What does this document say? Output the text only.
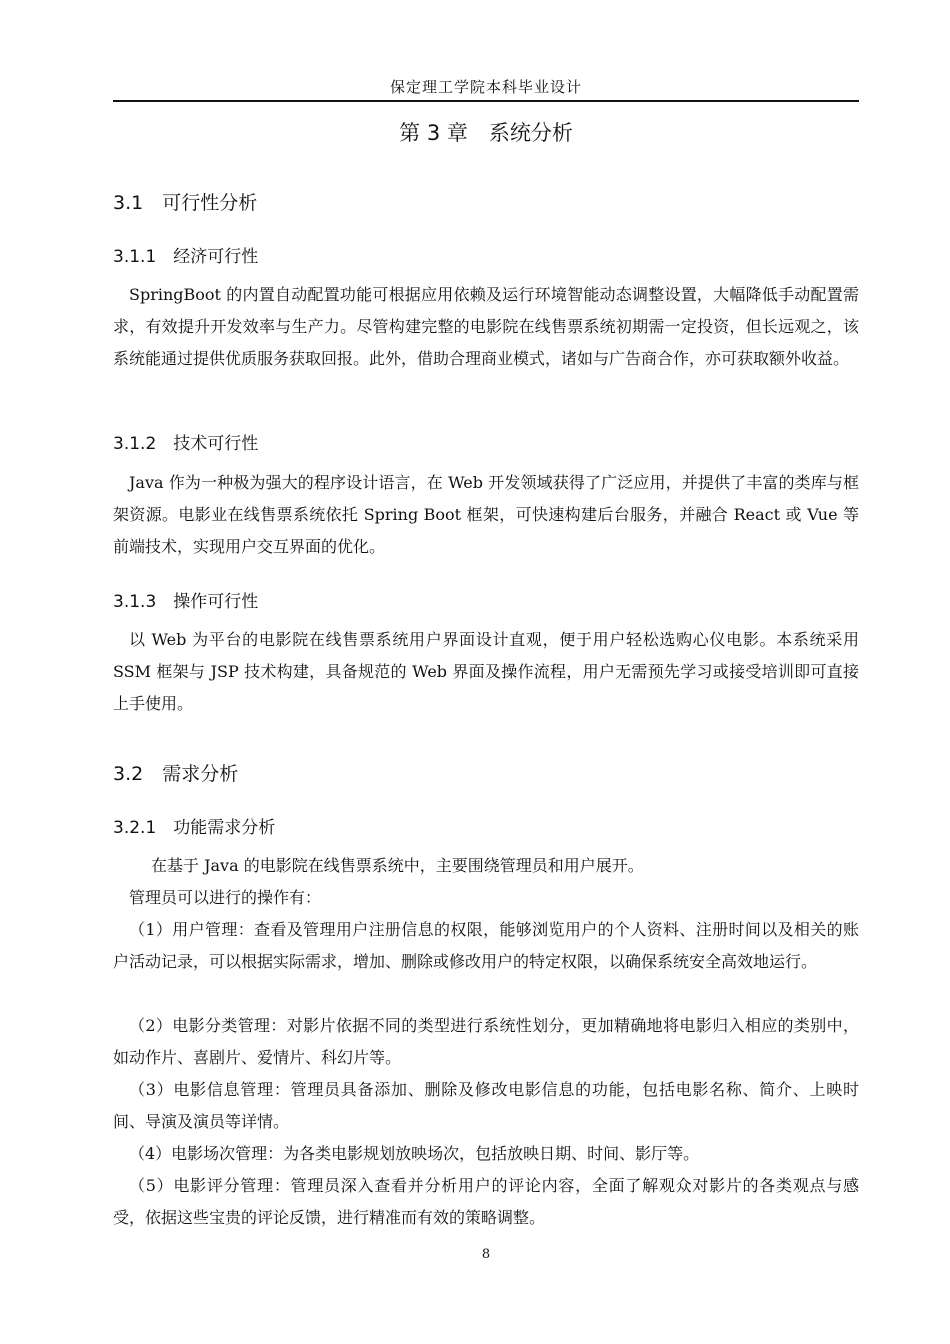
保定理工学院本科毕业设计
第 3 章　系统分析
3.1　可行性分析
3.1.1　经济可行性

SpringBoot 的内置自动配置功能可根据应用依赖及运行环境智能动态调整设置，大幅降低手动配置需求，有效提升开发效率与生产力。尽管构建完整的电影院在线售票系统初期需一定投资，但长远观之，该系统能通过提供优质服务获取回报。此外，借助合理商业模式，诸如与广告商合作，亦可获取额外收益。

3.1.2　技术可行性

Java 作为一种极为强大的程序设计语言，在 Web 开发领域获得了广泛应用，并提供了丰富的类库与框架资源。电影业在线售票系统依托 Spring Boot 框架，可快速构建后台服务，并融合 React 或 Vue 等前端技术，实现用户交互界面的优化。

3.1.3　操作可行性

以 Web 为平台的电影院在线售票系统用户界面设计直观，便于用户轻松选购心仪电影。本系统采用 SSM 框架与 JSP 技术构建，具备规范的 Web 界面及操作流程，用户无需预先学习或接受培训即可直接上手使用。

3.2　需求分析
3.2.1　功能需求分析

在基于 Java 的电影院在线售票系统中，主要围绕管理员和用户展开。

管理员可以进行的操作有：

（1）用户管理：查看及管理用户注册信息的权限，能够浏览用户的个人资料、注册时间以及相关的账户活动记录，可以根据实际需求，增加、删除或修改用户的特定权限，以确保系统安全高效地运行。

（2）电影分类管理：对影片依据不同的类型进行系统性划分，更加精确地将电影归入相应的类别中，如动作片、喜剧片、爱情片、科幻片等。

（3）电影信息管理：管理员具备添加、删除及修改电影信息的功能，包括电影名称、简介、上映时间、导演及演员等详情。

（4）电影场次管理：为各类电影规划放映场次，包括放映日期、时间、影厅等。

（5）电影评分管理：管理员深入查看并分析用户的评论内容，全面了解观众对影片的各类观点与感受，依据这些宝贵的评论反馈，进行精准而有效的策略调整。

8
